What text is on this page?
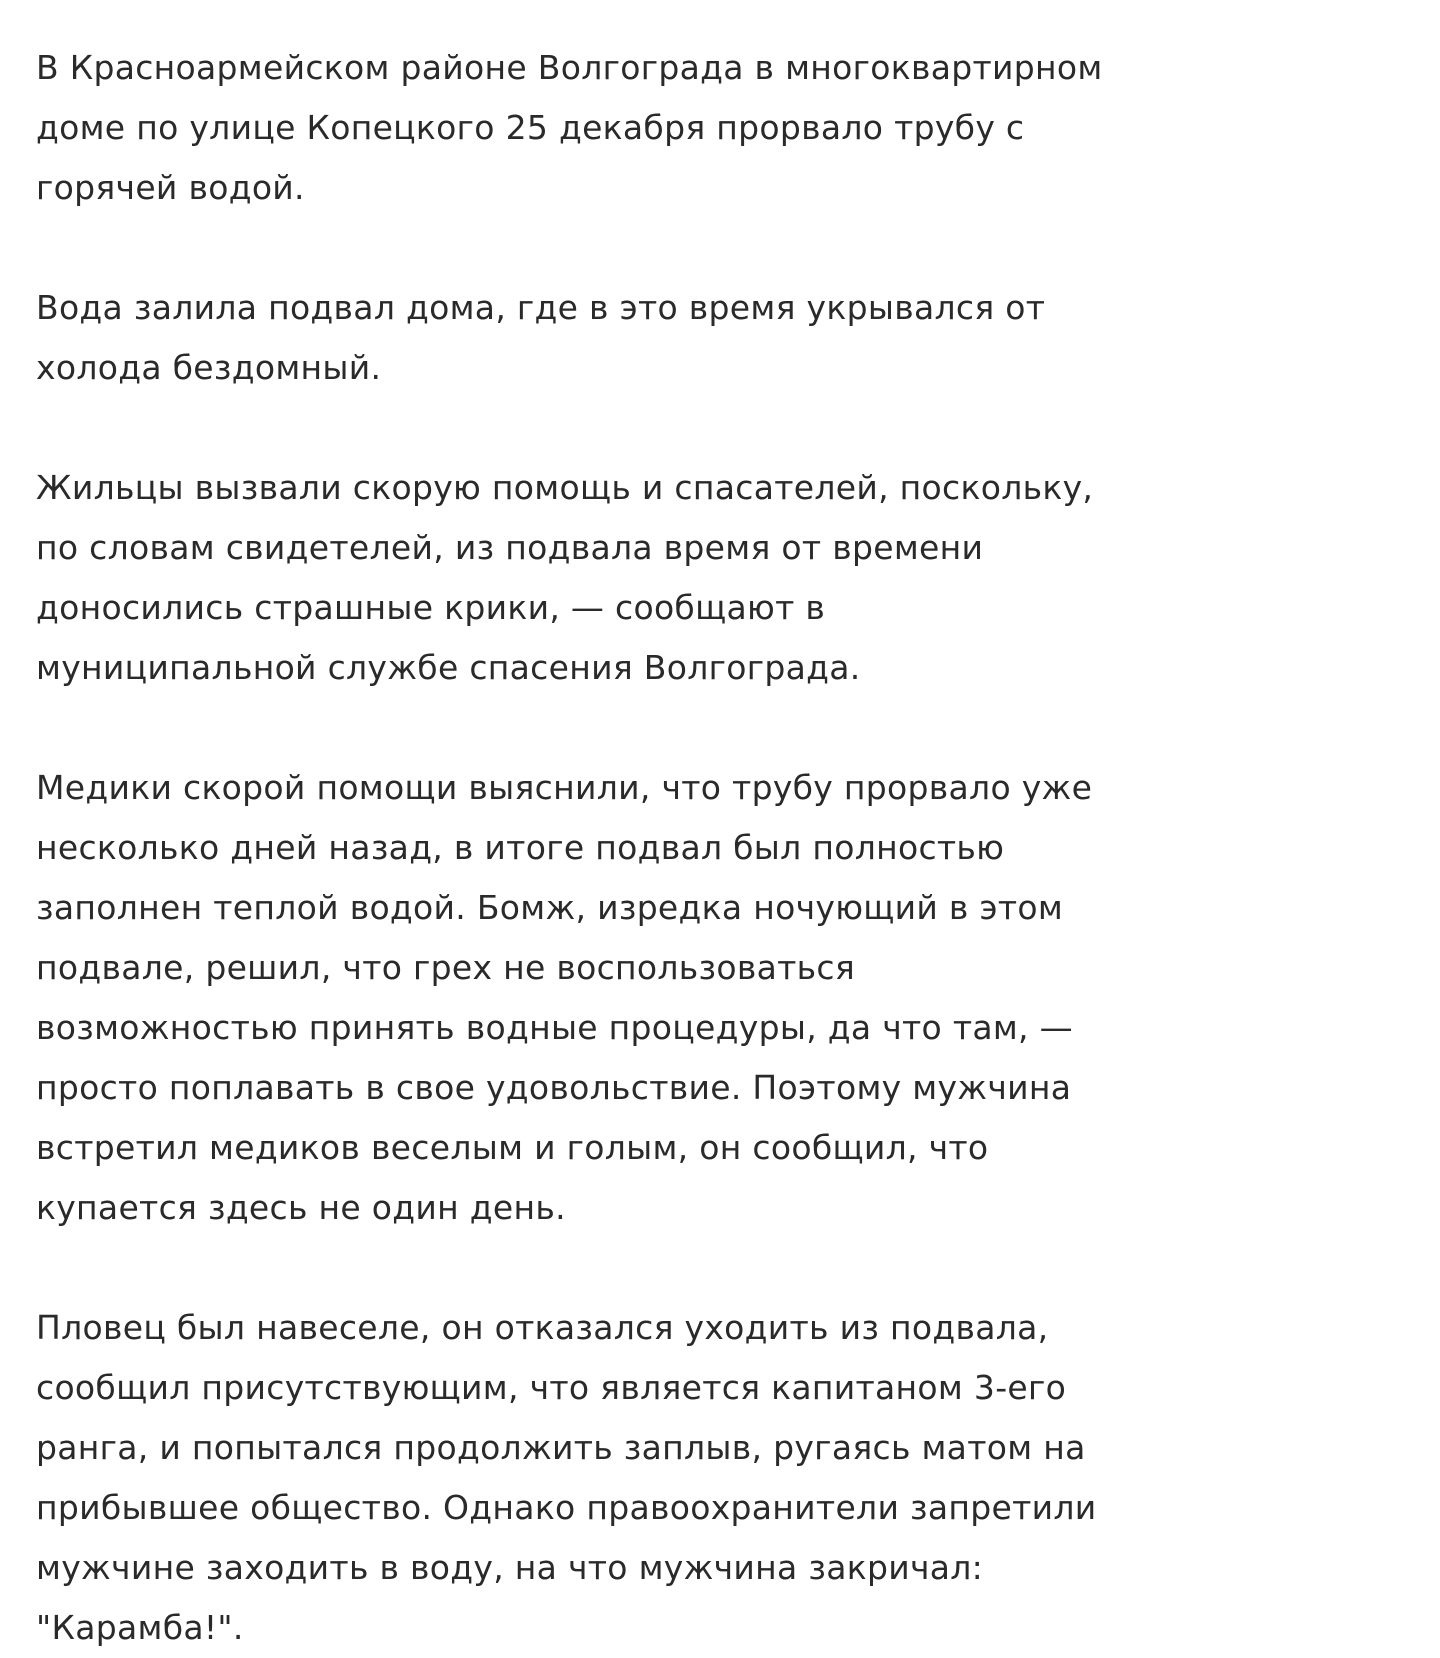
В Красноармейском районе Волгограда в многоквартирном
доме по улице Копецкого 25 декабря прорвало трубу с
горячей водой.

Вода залила подвал дома, где в это время укрывался от
холода бездомный.

Жильцы вызвали скорую помощь и спасателей, поскольку,
по словам свидетелей, из подвала время от времени
доносились страшные крики, — сообщают в
муниципальной службе спасения Волгограда.

Медики скорой помощи выяснили, что трубу прорвало уже
несколько дней назад, в итоге подвал был полностью
заполнен теплой водой. Бомж, изредка ночующий в этом
подвале, решил, что грех не воспользоваться
возможностью принять водные процедуры, да что там, —
просто поплавать в свое удовольствие. Поэтому мужчина
встретил медиков веселым и голым, он сообщил, что
купается здесь не один день.

Пловец был навеселе, он отказался уходить из подвала,
сообщил присутствующим, что является капитаном 3-его
ранга, и попытался продолжить заплыв, ругаясь матом на
прибывшее общество. Однако правоохранители запретили
мужчине заходить в воду, на что мужчина закричал:
"Карамба!".
